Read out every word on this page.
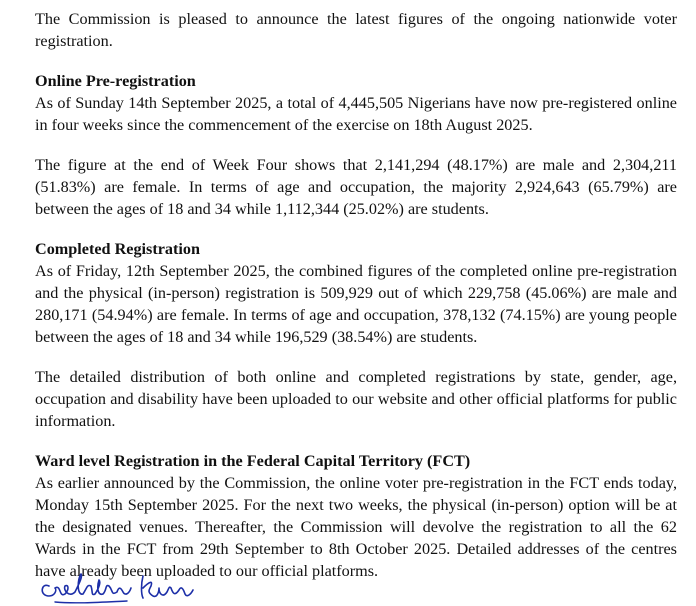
The Commission is pleased to announce the latest figures of the ongoing nationwide voter registration.

Online Pre-registration

As of Sunday 14th September 2025, a total of 4,445,505 Nigerians have now pre-registered online in four weeks since the commencement of the exercise on 18th August 2025.

The figure at the end of Week Four shows that 2,141,294 (48.17%) are male and 2,304,211 (51.83%) are female. In terms of age and occupation, the majority 2,924,643 (65.79%) are between the ages of 18 and 34 while 1,112,344 (25.02%) are students.

Completed Registration

As of Friday, 12th September 2025, the combined figures of the completed online pre-registration and the physical (in-person) registration is 509,929 out of which 229,758 (45.06%) are male and 280,171 (54.94%) are female. In terms of age and occupation, 378,132 (74.15%) are young people between the ages of 18 and 34 while 196,529 (38.54%) are students.

The detailed distribution of both online and completed registrations by state, gender, age, occupation and disability have been uploaded to our website and other official platforms for public information.

Ward level Registration in the Federal Capital Territory (FCT)

As earlier announced by the Commission, the online voter pre-registration in the FCT ends today, Monday 15th September 2025. For the next two weeks, the physical (in-person) option will be at the designated venues. Thereafter, the Commission will devolve the registration to all the 62 Wards in the FCT from 29th September to 8th October 2025. Detailed addresses of the centres have already been uploaded to our official platforms.
